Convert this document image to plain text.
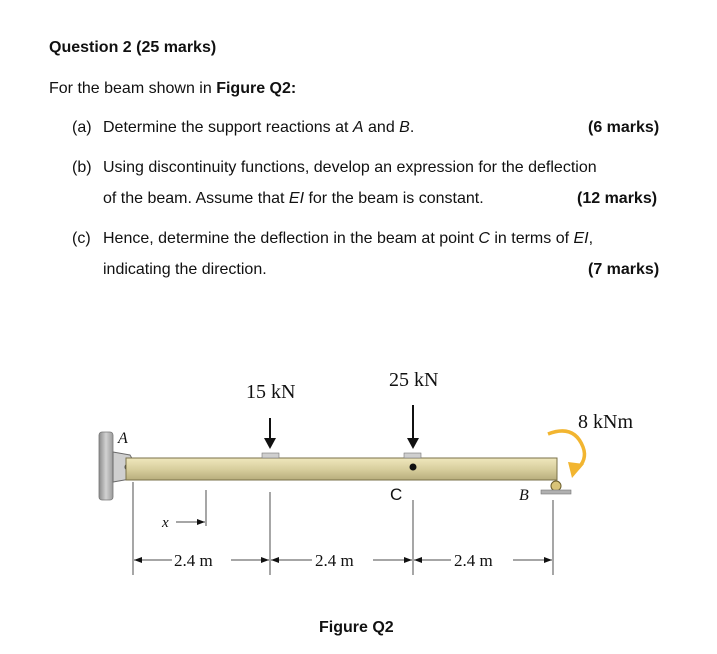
Question 2 (25 marks)
For the beam shown in Figure Q2:
(a) Determine the support reactions at A and B.	(6 marks)
(b) Using discontinuity functions, develop an expression for the deflection
of the beam. Assume that EI for the beam is constant.	(12 marks)
(c) Hence, determine the deflection in the beam at point C in terms of EI,
indicating the direction.	(7 marks)
15 kN
25 kN
8 kNm
A
B
C
x
2.4 m	2.4 m	2.4 m
Figure Q2
